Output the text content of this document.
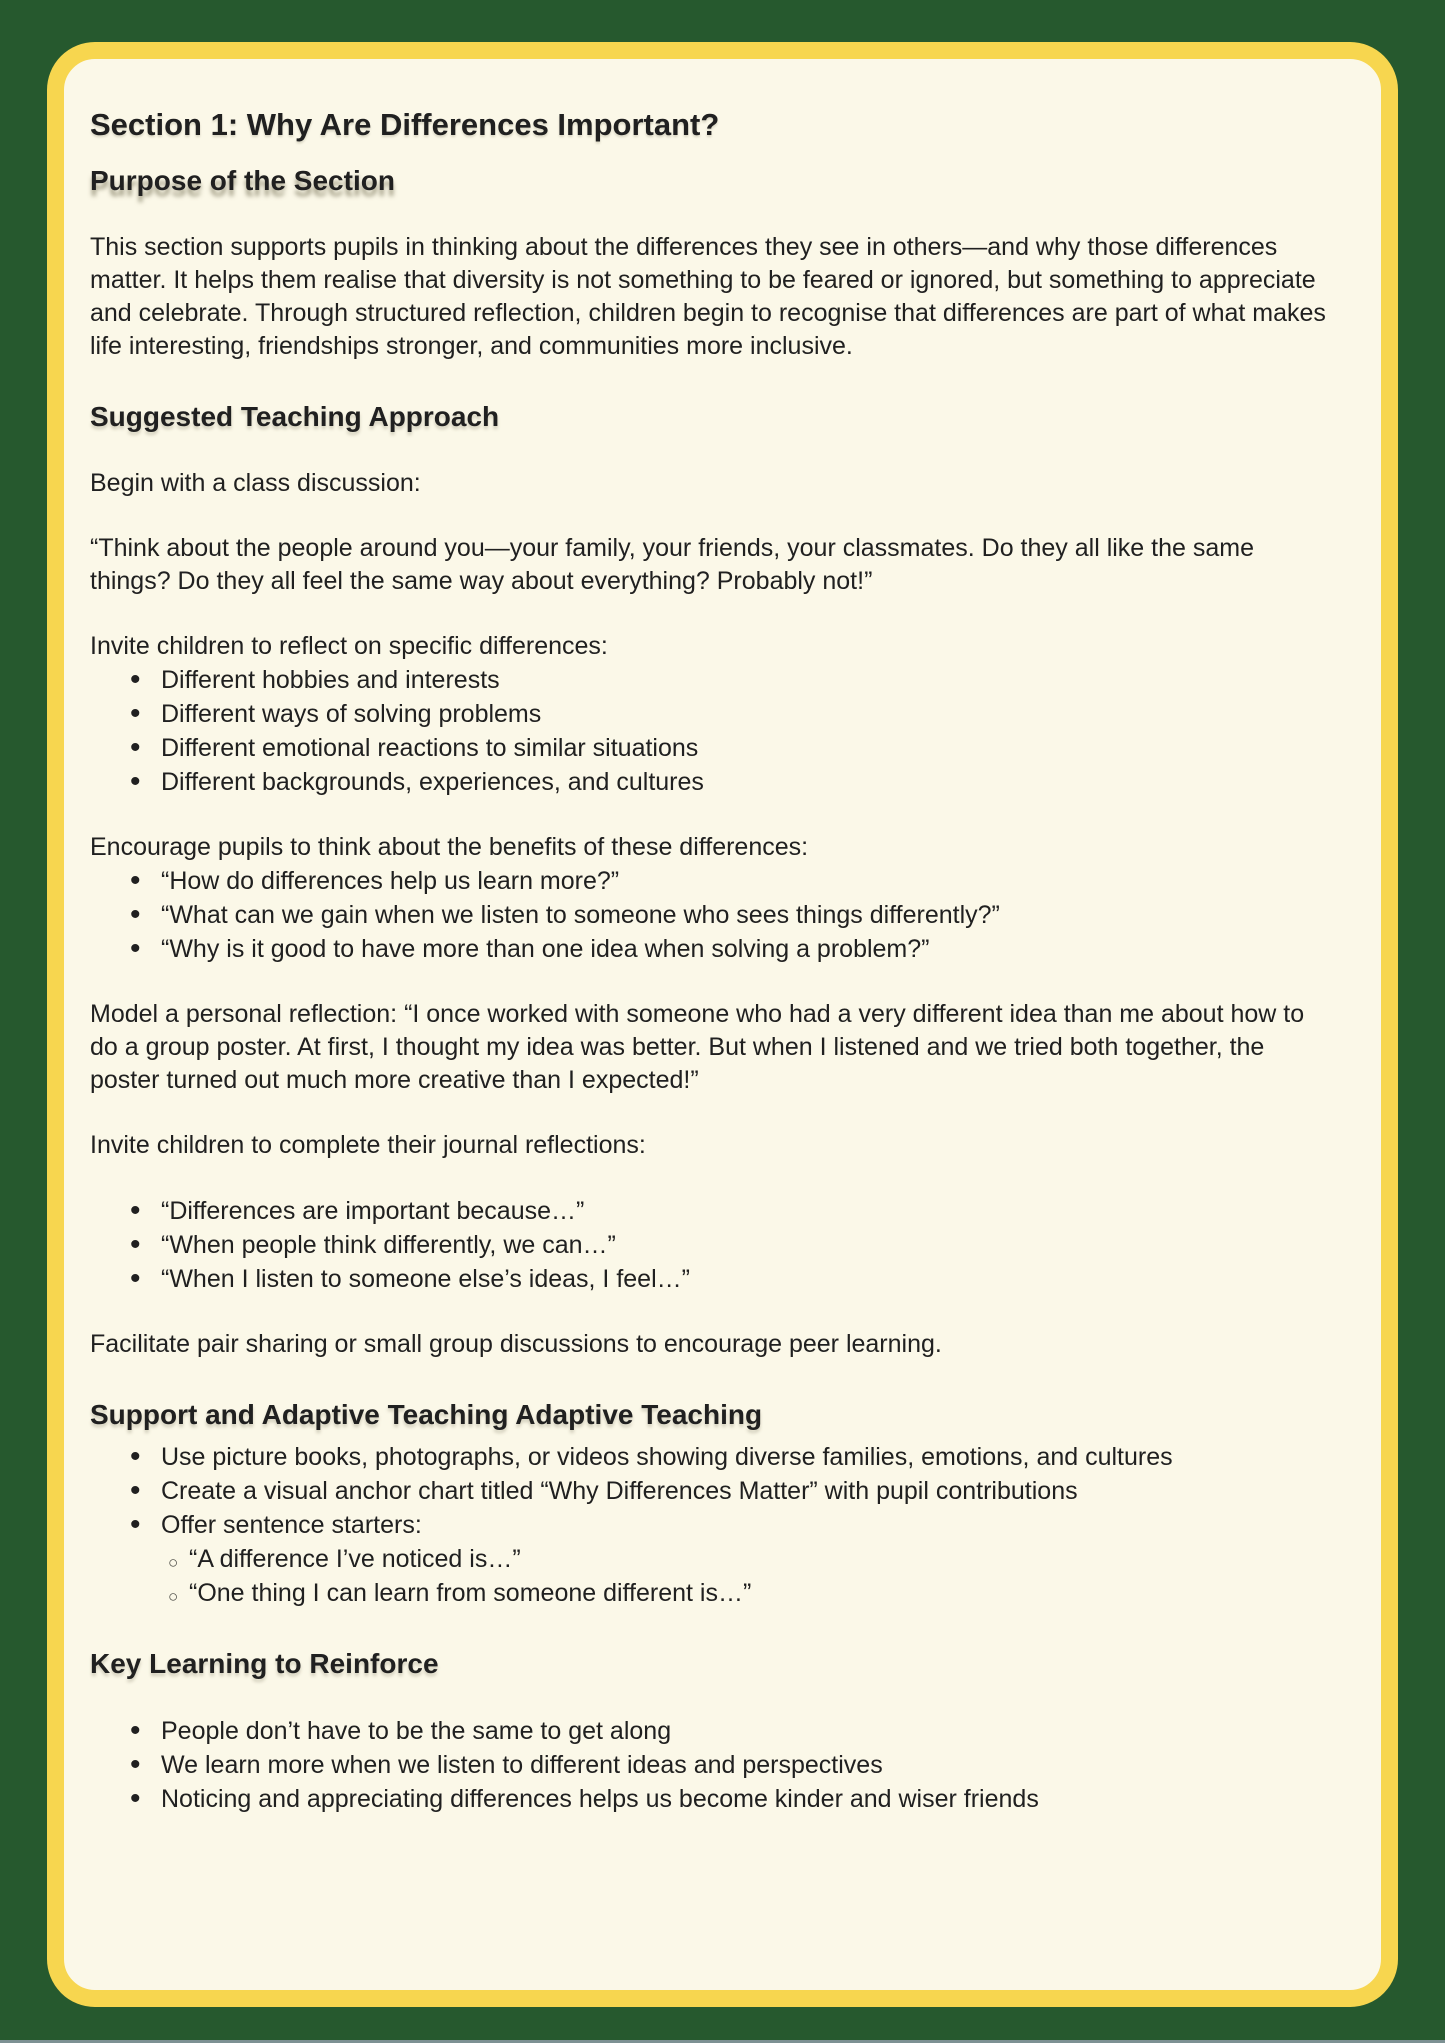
Section 1: Why Are Differences Important?
Purpose of the Section

This section supports pupils in thinking about the differences they see in others—and why those differences matter. It helps them realise that diversity is not something to be feared or ignored, but something to appreciate and celebrate. Through structured reflection, children begin to recognise that differences are part of what makes life interesting, friendships stronger, and communities more inclusive.

Suggested Teaching Approach

Begin with a class discussion:

“Think about the people around you—your family, your friends, your classmates. Do they all like the same things? Do they all feel the same way about everything? Probably not!”

Invite children to reflect on specific differences:

• Different hobbies and interests
• Different ways of solving problems
• Different emotional reactions to similar situations
• Different backgrounds, experiences, and cultures

Encourage pupils to think about the benefits of these differences:

• “How do differences help us learn more?”
• “What can we gain when we listen to someone who sees things differently?”
• “Why is it good to have more than one idea when solving a problem?”

Model a personal reflection: “I once worked with someone who had a very different idea than me about how to do a group poster. At first, I thought my idea was better. But when I listened and we tried both together, the poster turned out much more creative than I expected!”

Invite children to complete their journal reflections:

• “Differences are important because…”
• “When people think differently, we can…”
• “When I listen to someone else’s ideas, I feel…”

Facilitate pair sharing or small group discussions to encourage peer learning.

Support and Adaptive Teaching Adaptive Teaching
• Use picture books, photographs, or videos showing diverse families, emotions, and cultures
• Create a visual anchor chart titled “Why Differences Matter” with pupil contributions
• Offer sentence starters:
○ “A difference I’ve noticed is…”
○ “One thing I can learn from someone different is…”
Key Learning to Reinforce
• People don’t have to be the same to get along
• We learn more when we listen to different ideas and perspectives
• Noticing and appreciating differences helps us become kinder and wiser friends
